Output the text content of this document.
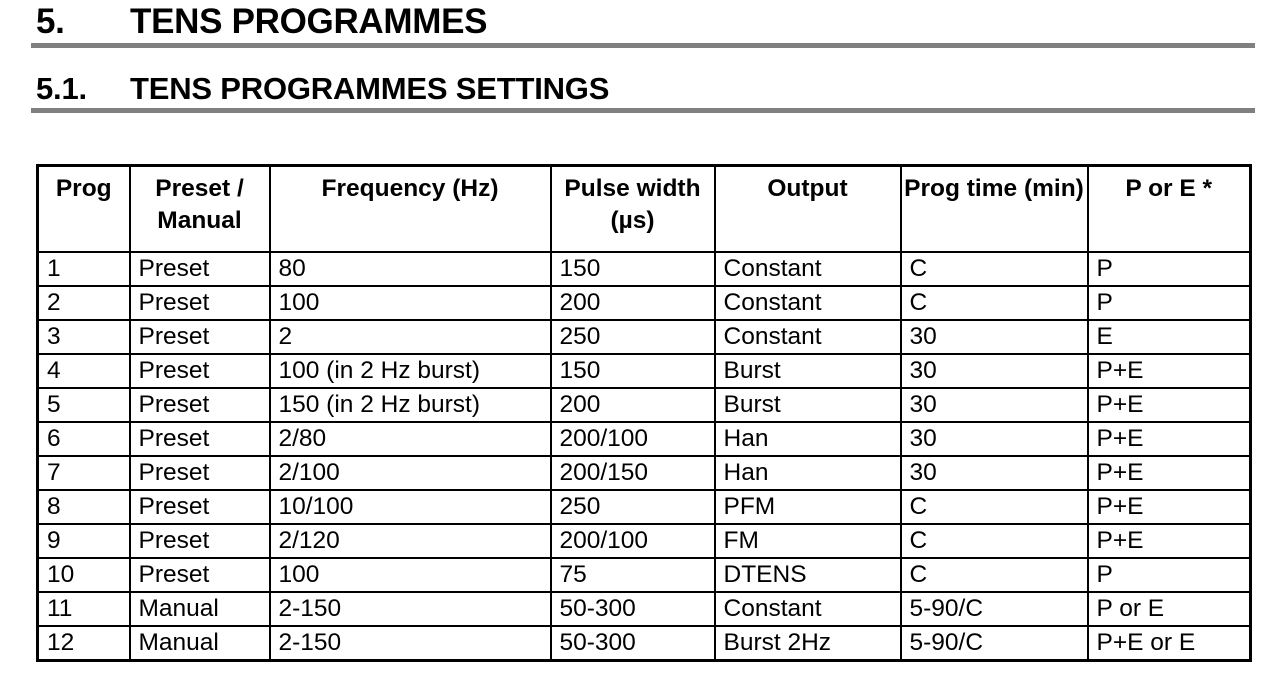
5. TENS PROGRAMMES
5.1. TENS PROGRAMMES SETTINGS
Prog	Preset / Manual	Frequency (Hz)	Pulse width (µs)	Output	Prog time (min)	P or E *
1	Preset	80	150	Constant	C	P
2	Preset	100	200	Constant	C	P
3	Preset	2	250	Constant	30	E
4	Preset	100 (in 2 Hz burst)	150	Burst	30	P+E
5	Preset	150 (in 2 Hz burst)	200	Burst	30	P+E
6	Preset	2/80	200/100	Han	30	P+E
7	Preset	2/100	200/150	Han	30	P+E
8	Preset	10/100	250	PFM	C	P+E
9	Preset	2/120	200/100	FM	C	P+E
10	Preset	100	75	DTENS	C	P
11	Manual	2-150	50-300	Constant	5-90/C	P or E
12	Manual	2-150	50-300	Burst 2Hz	5-90/C	P+E or E
